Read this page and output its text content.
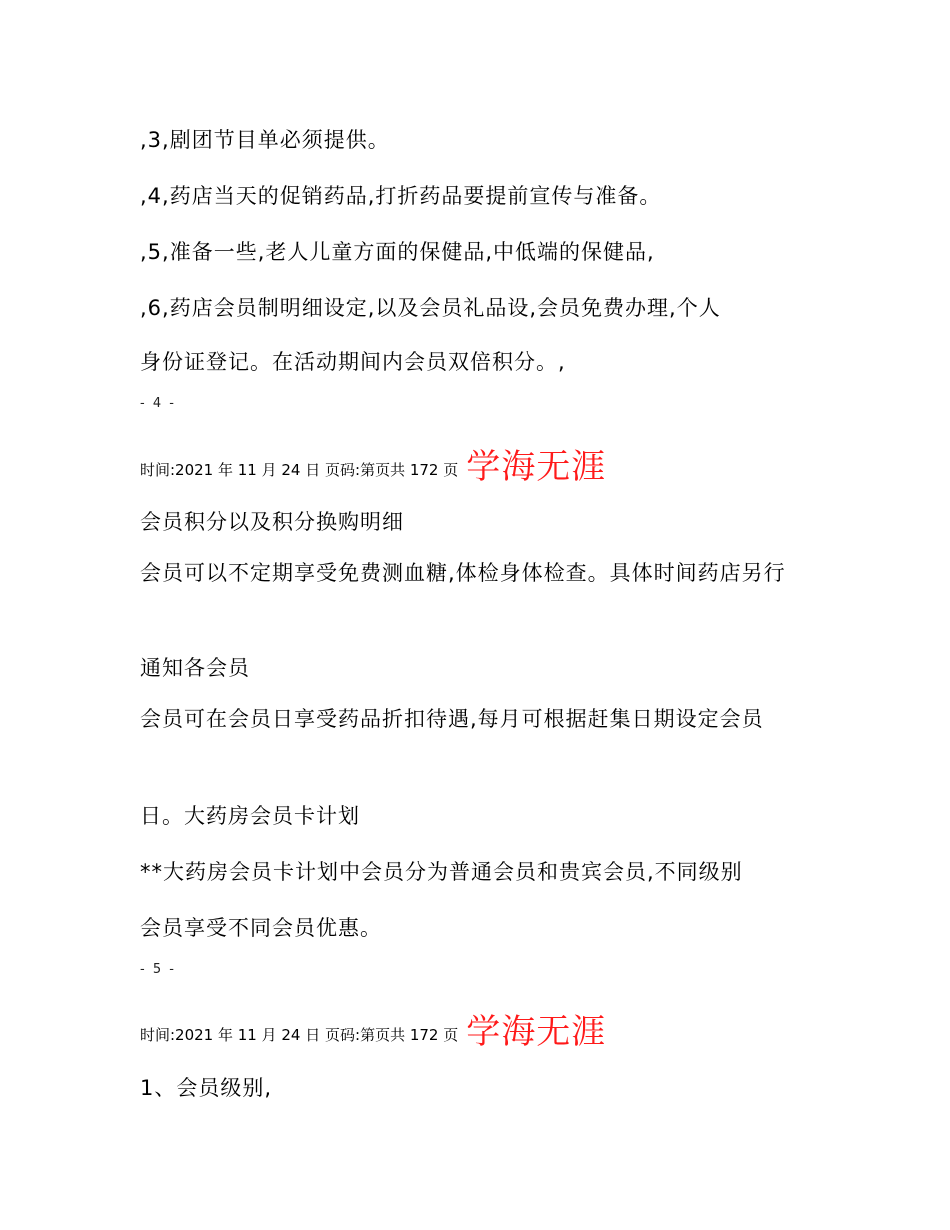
,3,剧团节目单必须提供。
,4,药店当天的促销药品,打折药品要提前宣传与准备。
,5,准备一些,老人儿童方面的保健品,中低端的保健品,
,6,药店会员制明细设定,以及会员礼品设,会员免费办理,个人
身份证登记。在活动期间内会员双倍积分。,
- 4 -
时间:2021 年 11 月 24 日 页码:第页共 172 页 学海无涯
会员积分以及积分换购明细
会员可以不定期享受免费测血糖,体检身体检查。具体时间药店另行
通知各会员
会员可在会员日享受药品折扣待遇,每月可根据赶集日期设定会员
日。大药房会员卡计划
**大药房会员卡计划中会员分为普通会员和贵宾会员,不同级别
会员享受不同会员优惠。
- 5 -
时间:2021 年 11 月 24 日 页码:第页共 172 页 学海无涯
1、会员级别,
